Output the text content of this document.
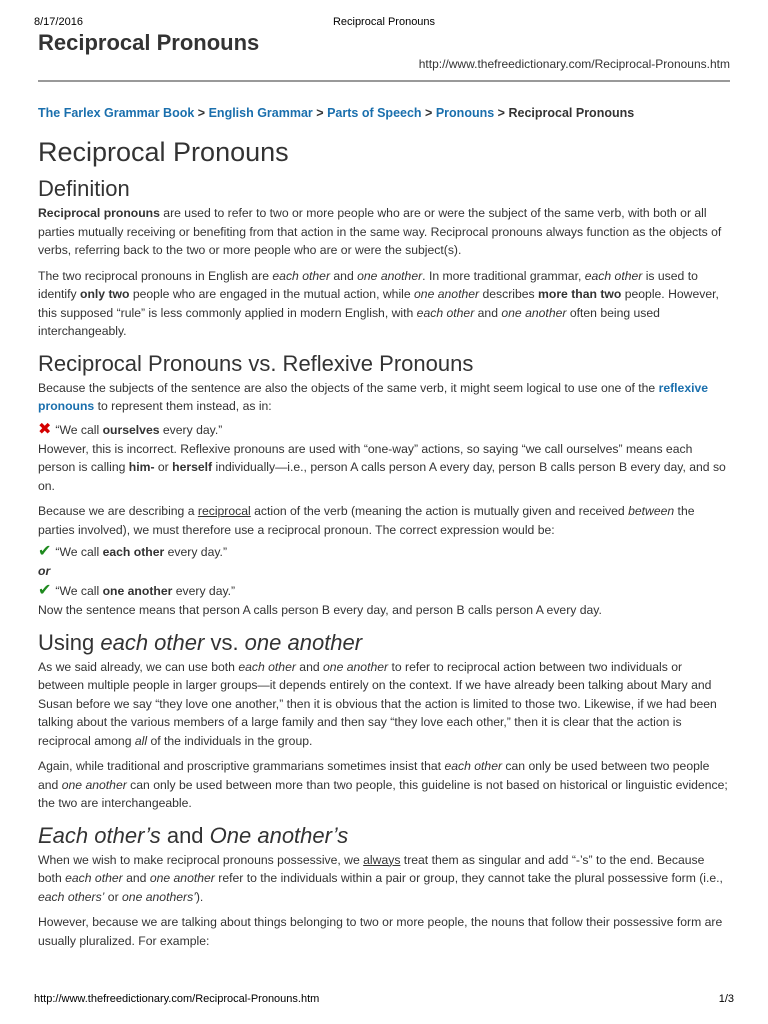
8/17/2016	Reciprocal Pronouns
Reciprocal Pronouns
http://www.thefreedictionary.com/Reciprocal-Pronouns.htm
The Farlex Grammar Book > English Grammar > Parts of Speech > Pronouns > Reciprocal Pronouns
Reciprocal Pronouns
Definition

Reciprocal pronouns are used to refer to two or more people who are or were the subject of the same verb, with both or all parties mutually receiving or benefiting from that action in the same way. Reciprocal pronouns always function as the objects of verbs, referring back to the two or more people who are or were the subject(s).

The two reciprocal pronouns in English are each other and one another. In more traditional grammar, each other is used to identify only two people who are engaged in the mutual action, while one another describes more than two people. However, this supposed “rule” is less commonly applied in modern English, with each other and one another often being used interchangeably.

Reciprocal Pronouns vs. Reflexive Pronouns

Because the subjects of the sentence are also the objects of the same verb, it might seem logical to use one of the reflexive pronouns to represent them instead, as in:

✖ “We call ourselves every day.”

However, this is incorrect. Reflexive pronouns are used with “one-way” actions, so saying “we call ourselves” means each person is calling him- or herself individually—i.e., person A calls person A every day, person B calls person B every day, and so on.

Because we are describing a reciprocal action of the verb (meaning the action is mutually given and received between the parties involved), we must therefore use a reciprocal pronoun. The correct expression would be:

✔ “We call each other every day.”

or

✔ “We call one another every day.”

Now the sentence means that person A calls person B every day, and person B calls person A every day.

Using each other vs. one another

As we said already, we can use both each other and one another to refer to reciprocal action between two individuals or between multiple people in larger groups—it depends entirely on the context. If we have already been talking about Mary and Susan before we say “they love one another,” then it is obvious that the action is limited to those two. Likewise, if we had been talking about the various members of a large family and then say “they love each other,” then it is clear that the action is reciprocal among all of the individuals in the group.

Again, while traditional and proscriptive grammarians sometimes insist that each other can only be used between two people and one another can only be used between more than two people, this guideline is not based on historical or linguistic evidence; the two are interchangeable.

Each other’s and One another’s

When we wish to make reciprocal pronouns possessive, we always treat them as singular and add “-’s” to the end. Because both each other and one another refer to the individuals within a pair or group, they cannot take the plural possessive form (i.e., each others’ or one anothers’).

However, because we are talking about things belonging to two or more people, the nouns that follow their possessive form are usually pluralized. For example:

http://www.thefreedictionary.com/Reciprocal-Pronouns.htm	1/3
